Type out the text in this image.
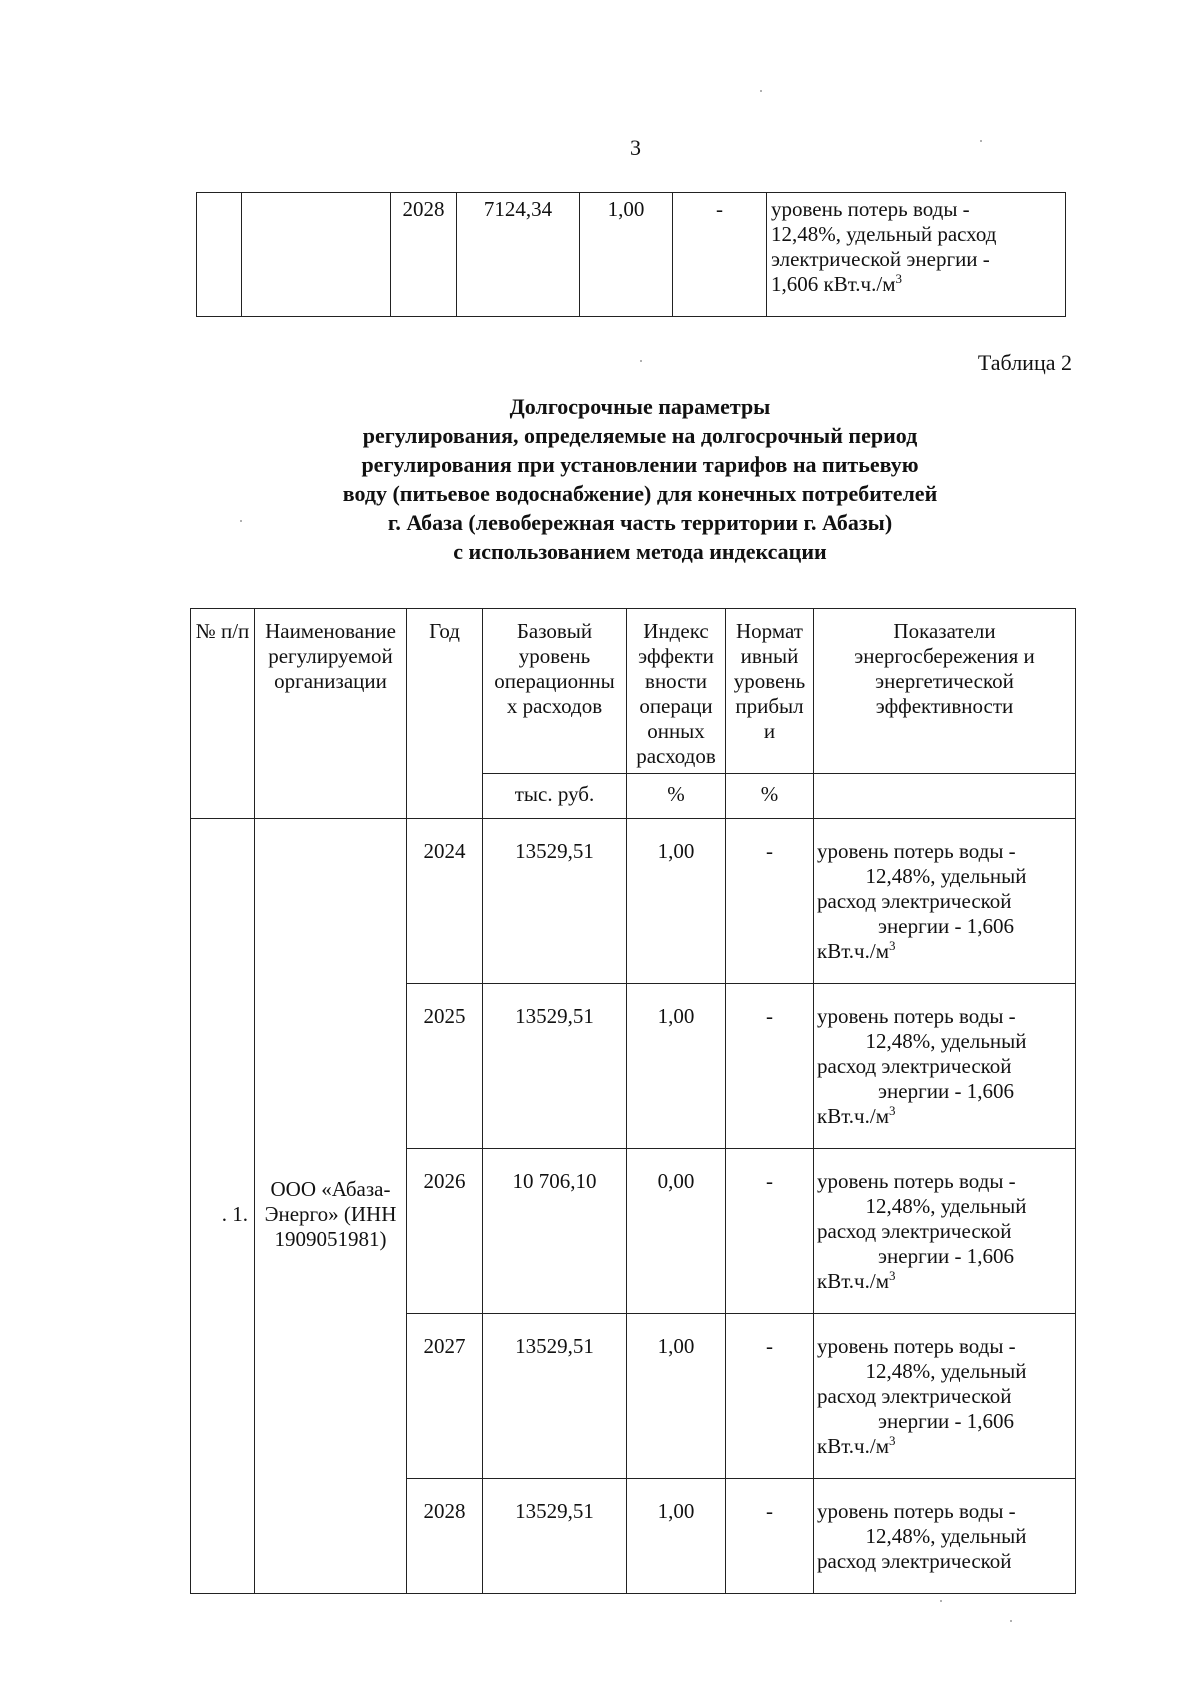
3
		2028	7124,34	1,00	-	уровень потерь воды -
12,48%, удельный расход
электрической энергии -
1,606 $кВт.ч./м^3$
Таблица 2
Долгосрочные параметры
регулирования, определяемые на долгосрочный период
регулирования при установлении тарифов на питьевую
воду (питьевое водоснабжение) для конечных потребителей
г. Абаза (левобережная часть территории г. Абазы)
с использованием метода индексации
№ п/п	Наименование регулируемой организации	Год	Базовый уровень операционны х расходов	Индекс эффекти вности операци онных расходов	Нормат ивный уровень прибыл и	Показатели энергосбережения и энергетической эффективности
			тыс. руб.	%	%	
. 1.	ООО «Абаза-Энерго» (ИНН 1909051981)	2024	13529,51	1,00	-	уровень потерь воды -
12,48%, удельный
расход электрической
энергии - 1,606
$кВт.ч./м^3$

		2025	13529,51	1,00	-	уровень потерь воды -
12,48%, удельный
расход электрической
энергии - 1,606
$кВт.ч./м^3$

		2026	10 706,10	0,00	-	уровень потерь воды -
12,48%, удельный
расход электрической
энергии - 1,606
$кВт.ч./м^3$

		2027	13529,51	1,00	-	уровень потерь воды -
12,48%, удельный
расход электрической
энергии - 1,606
$кВт.ч./м^3$

		2028	13529,51	1,00	-	уровень потерь воды -
12,48%, удельный
расход электрической
